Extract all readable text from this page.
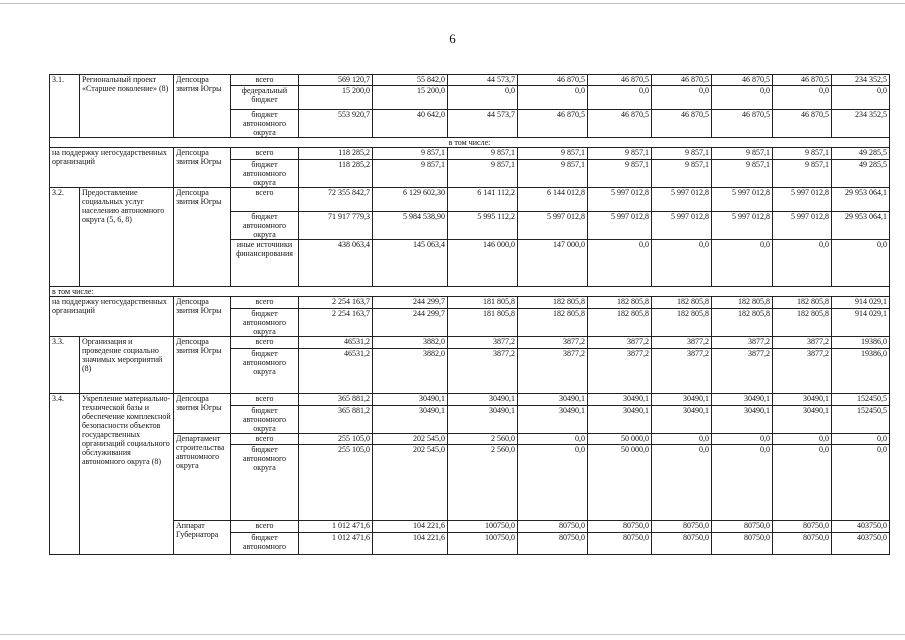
6
3.1.	Региональный проект «Старшее поколение» (8)	Депсоцра звития Югры	всего	569 120,7	55 842,0	44 573,7	46 870,5	46 870,5	46 870,5	46 870,5	46 870,5	234 352,5
			федеральный бюджет	15 200,0	15 200,0	0,0	0,0	0,0	0,0	0,0	0,0	0,0
			бюджет автономного округа	553 920,7	40 642,0	44 573,7	46 870,5	46 870,5	46 870,5	46 870,5	46 870,5	234 352,5
в том числе:												
на поддержку негосударственных организаций		Депсоцра звития Югры	всего	118 285,2	9 857,1	9 857,1	9 857,1	9 857,1	9 857,1	9 857,1	9 857,1	49 285,5
			бюджет автономного округа	118 285,2	9 857,1	9 857,1	9 857,1	9 857,1	9 857,1	9 857,1	9 857,1	49 285,5
3.2.	Предоставление социальных услуг населению автономного округа (5, 6, 8)	Депсоцра звития Югры	всего	72 355 842,7	6 129 602,30	6 141 112,2	6 144 012,8	5 997 012,8	5 997 012,8	5 997 012,8	5 997 012,8	29 953 064,1
			бюджет автономного округа	71 917 779,3	5 984 538,90	5 995 112,2	5 997 012,8	5 997 012,8	5 997 012,8	5 997 012,8	5 997 012,8	29 953 064,1
			иные источники финансирования	438 063,4	145 063,4	146 000,0	147 000,0	0,0	0,0	0,0	0,0	0,0
в том числе:												
на поддержку негосударственных организаций		Депсоцра звития Югры	всего	2 254 163,7	244 299,7	181 805,8	182 805,8	182 805,8	182 805,8	182 805,8	182 805,8	914 029,1
			бюджет автономного округа	2 254 163,7	244 299,7	181 805,8	182 805,8	182 805,8	182 805,8	182 805,8	182 805,8	914 029,1
3.3.	Организация и проведение социально значимых мероприятий (8)	Депсоцра звития Югры	всего	46531,2	3882,0	3877,2	3877,2	3877,2	3877,2	3877,2	3877,2	19386,0
			бюджет автономного округа	46531,2	3882,0	3877,2	3877,2	3877,2	3877,2	3877,2	3877,2	19386,0
3.4.	Укрепление материально-технической базы и обеспечение комплексной безопасности объектов государственных организаций социального обслуживания автономного округа (8)	Депсоцра звития Югры	всего	365 881,2	30490,1	30490,1	30490,1	30490,1	30490,1	30490,1	30490,1	152450,5
			бюджет автономного округа	365 881,2	30490,1	30490,1	30490,1	30490,1	30490,1	30490,1	30490,1	152450,5
		Департамент строительства автономного округа	всего	255 105,0	202 545,0	2 560,0	0,0	50 000,0	0,0	0,0	0,0	0,0
			бюджет автономного округа	255 105,0	202 545,0	2 560,0	0,0	50 000,0	0,0	0,0	0,0	0,0
		Аппарат Губернатора	всего	1 012 471,6	104 221,6	100750,0	80750,0	80750,0	80750,0	80750,0	80750,0	403750,0
			бюджет автономного	1 012 471,6	104 221,6	100750,0	80750,0	80750,0	80750,0	80750,0	80750,0	403750,0
